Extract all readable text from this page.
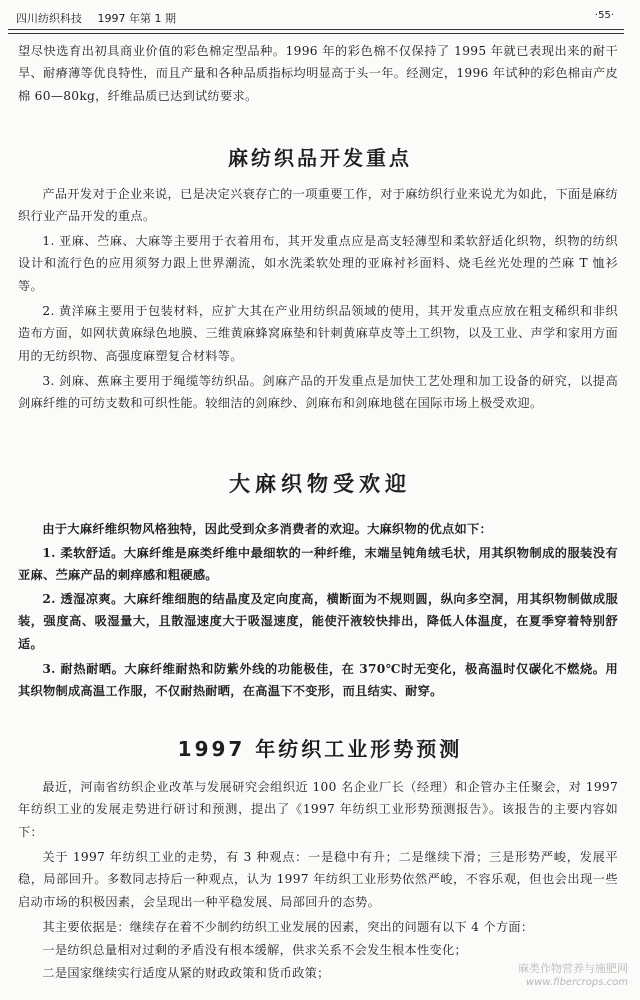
四川纺织科技 1997 年第 1 期	·55·

望尽快选育出初具商业价值的彩色棉定型品种。1996 年的彩色棉不仅保持了 1995 年就已表现出来的耐干旱、耐瘠薄等优良特性，而且产量和各种品质指标均明显高于头一年。经测定，1996 年试种的彩色棉亩产皮棉 60—80kg，纤维品质已达到试纺要求。

麻纺织品开发重点

产品开发对于企业来说，已是决定兴衰存亡的一项重要工作，对于麻纺织行业来说尤为如此，下面是麻纺织行业产品开发的重点。

1. 亚麻、苎麻、大麻等主要用于衣着用布，其开发重点应是高支轻薄型和柔软舒适化织物，织物的纺织设计和流行色的应用须努力跟上世界潮流，如水洗柔软处理的亚麻衬衫面料、烧毛丝光处理的苎麻 T 恤衫等。

2. 黄洋麻主要用于包装材料，应扩大其在产业用纺织品领域的使用，其开发重点应放在粗支稀织和非织造布方面，如网状黄麻绿色地膜、三维黄麻蜂窝麻垫和针刺黄麻草皮等土工织物，以及工业、声学和家用方面用的无纺织物、高强度麻塑复合材料等。

3. 剑麻、蕉麻主要用于绳缆等纺织品。剑麻产品的开发重点是加快工艺处理和加工设备的研究，以提高剑麻纤维的可纺支数和可织性能。较细洁的剑麻纱、剑麻布和剑麻地毯在国际市场上极受欢迎。

大麻织物受欢迎

由于大麻纤维织物风格独特，因此受到众多消费者的欢迎。大麻织物的优点如下：

1. 柔软舒适。大麻纤维是麻类纤维中最细软的一种纤维，末端呈钝角绒毛状，用其织物制成的服装没有亚麻、苎麻产品的刺痒感和粗硬感。

2. 透湿凉爽。大麻纤维细胞的结晶度及定向度高，横断面为不规则圆，纵向多空洞，用其织物制做成服装，强度高、吸湿量大，且散湿速度大于吸湿速度，能使汗液较快排出，降低人体温度，在夏季穿着特别舒适。

3. 耐热耐晒。大麻纤维耐热和防紫外线的功能极佳，在 370℃时无变化，极高温时仅碳化不燃烧。用其织物制成高温工作服，不仅耐热耐晒，在高温下不变形，而且结实、耐穿。

1997 年纺织工业形势预测

最近，河南省纺织企业改革与发展研究会组织近 100 名企业厂长（经理）和企管办主任聚会，对 1997 年纺织工业的发展走势进行研讨和预测，提出了《1997 年纺织工业形势预测报告》。该报告的主要内容如下：

关于 1997 年纺织工业的走势，有 3 种观点：一是稳中有升；二是继续下滑；三是形势严峻，发展平稳，局部回升。多数同志持后一种观点，认为 1997 年纺织工业形势依然严峻，不容乐观，但也会出现一些启动市场的积极因素，会呈现出一种平稳发展、局部回升的态势。

其主要依据是：继续存在着不少制约纺织工业发展的因素，突出的问题有以下 4 个方面：

一是纺织总量相对过剩的矛盾没有根本缓解，供求关系不会发生根本性变化；

二是国家继续实行适度从紧的财政政策和货币政策；	麻类作物营养与施肥网
www.fibercrops.com
